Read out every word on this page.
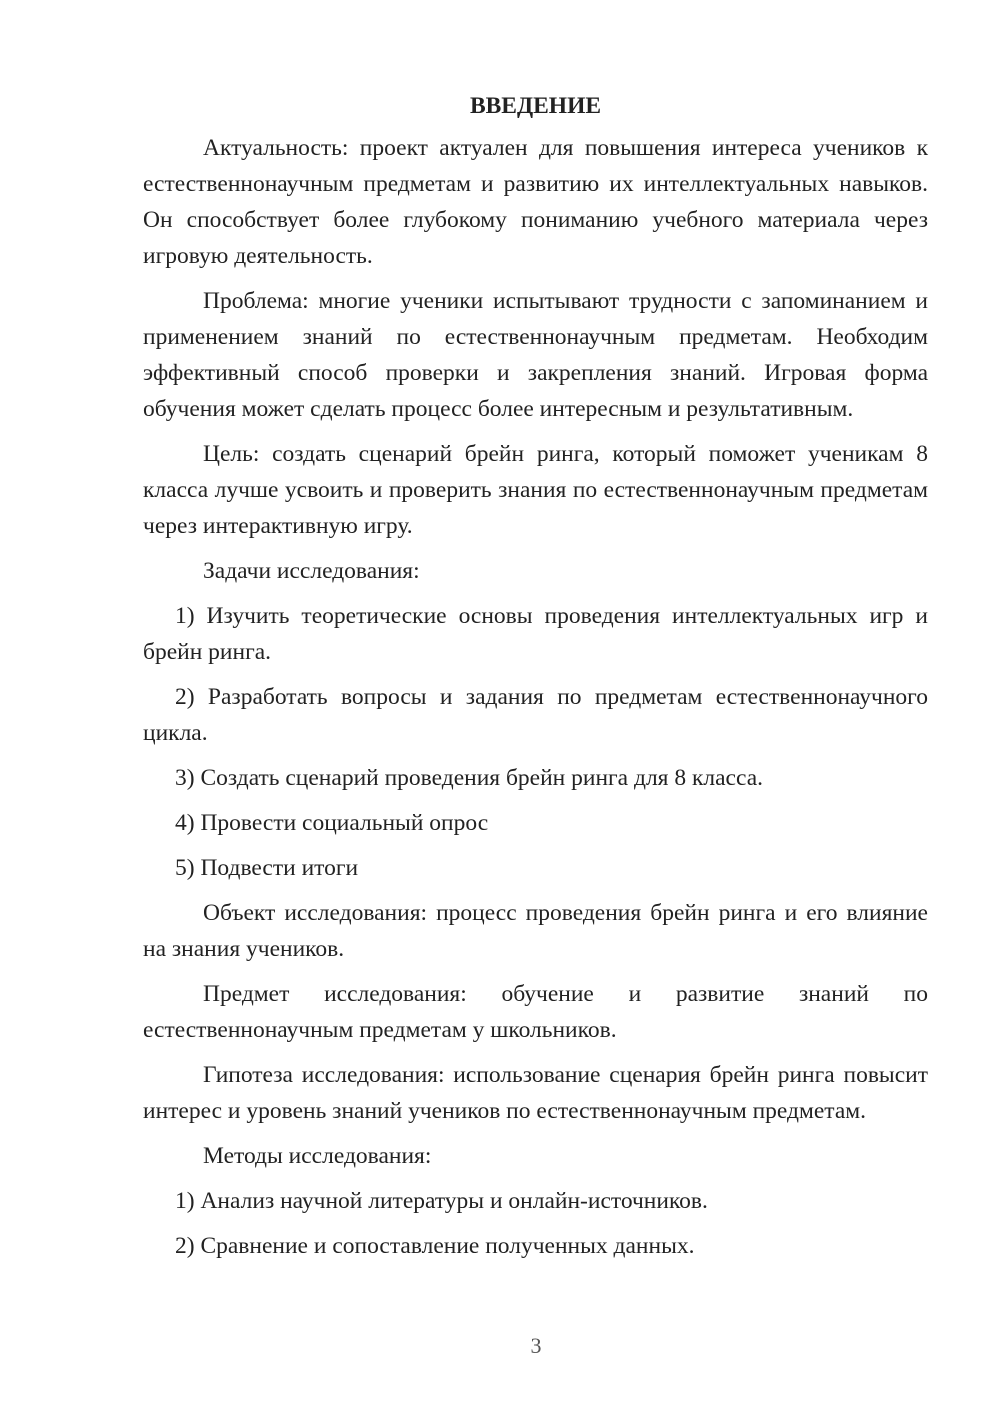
ВВЕДЕНИЕ

Актуальность: проект актуален для повышения интереса учеников к естественнонаучным предметам и развитию их интеллектуальных навыков. Он способствует более глубокому пониманию учебного материала через игровую деятельность.

Проблема: многие ученики испытывают трудности с запоминанием и применением знаний по естественнонаучным предметам. Необходим эффективный способ проверки и закрепления знаний. Игровая форма обучения может сделать процесс более интересным и результативным.

Цель: создать сценарий брейн ринга, который поможет ученикам 8 класса лучше усвоить и проверить знания по естественнонаучным предметам через интерактивную игру.

Задачи исследования:

1) Изучить теоретические основы проведения интеллектуальных игр и брейн ринга.

2) Разработать вопросы и задания по предметам естественнонаучного цикла.

3) Создать сценарий проведения брейн ринга для 8 класса.

4) Провести социальный опрос

5) Подвести итоги

Объект исследования: процесс проведения брейн ринга и его влияние на знания учеников.

Предмет исследования: обучение и развитие знаний по естественнонаучным предметам у школьников.

Гипотеза исследования: использование сценария брейн ринга повысит интерес и уровень знаний учеников по естественнонаучным предметам.

Методы исследования:

1) Анализ научной литературы и онлайн-источников.

2) Сравнение и сопоставление полученных данных.

3
